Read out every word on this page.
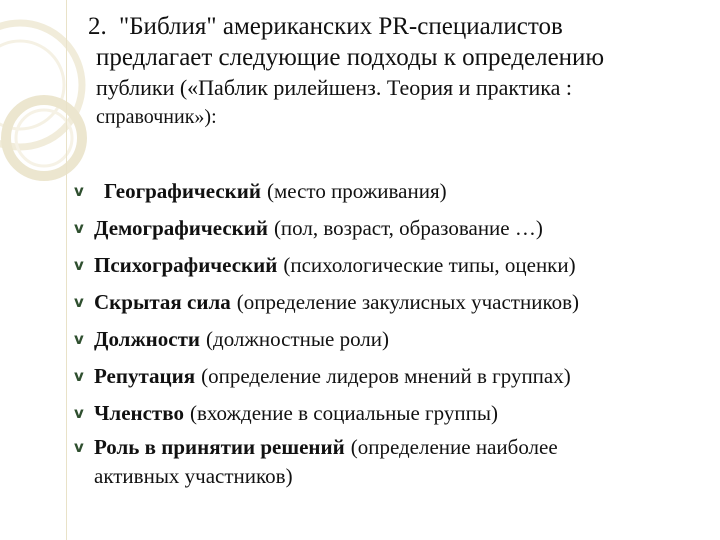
2. "Библия" американских PR-специалистов
предлагает следующие подходы к определению
публики («Паблик рилейшенз. Теория и практика :
справочник»):
v Географический (место проживания)
v Демографический (пол, возраст, образование …)
v Психографический (психологические типы, оценки)
v Скрытая сила (определение закулисных участников)
v Должности (должностные роли)
v Репутация (определение лидеров мнений в группах)
v Членство (вхождение в социальные группы)
v Роль в принятии решений (определение наиболее
активных участников)
